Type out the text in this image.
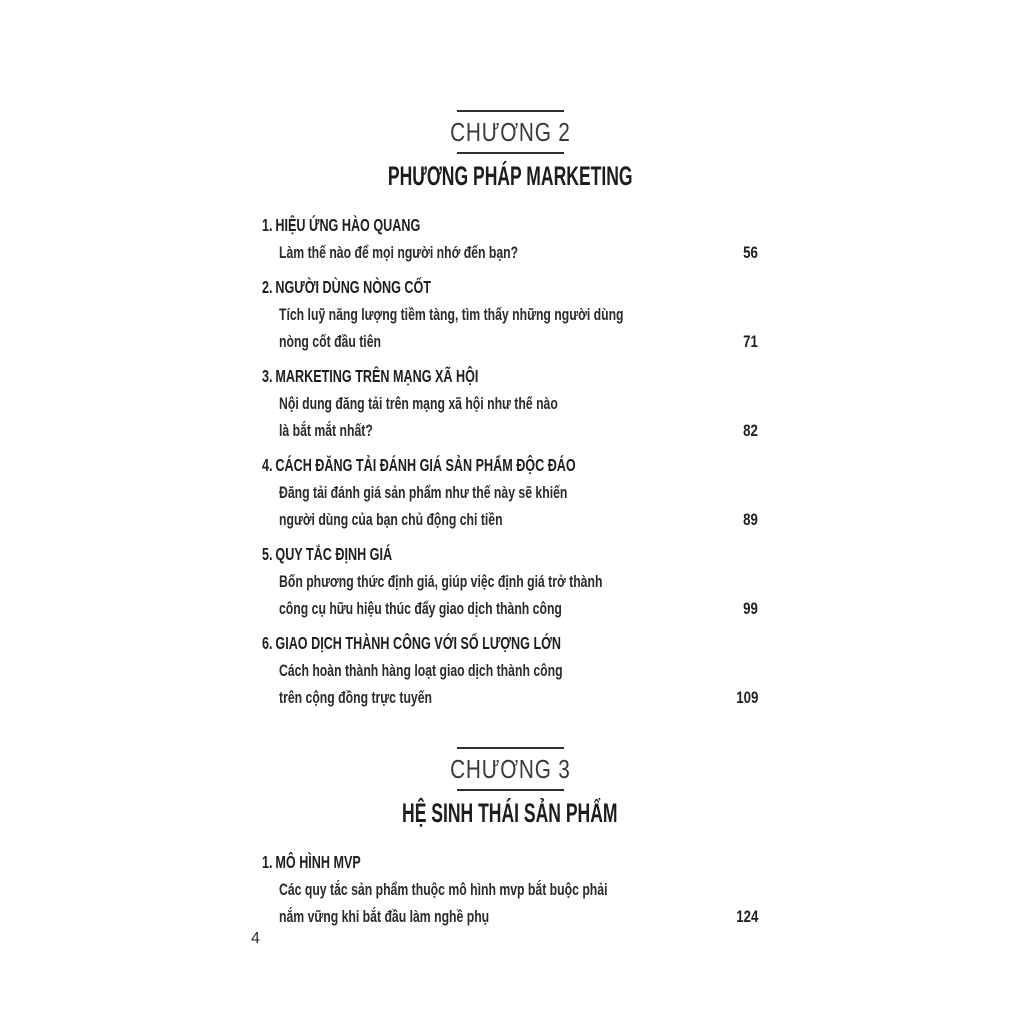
CHƯƠNG 2
PHƯƠNG PHÁP MARKETING
1. HIỆU ỨNG HÀO QUANG
Làm thế nào để mọi người nhớ đến bạn?	56
2. NGƯỜI DÙNG NÒNG CỐT
Tích luỹ năng lượng tiềm tàng, tìm thấy những người dùng
nòng cốt đầu tiên	71
3. MARKETING TRÊN MẠNG XÃ HỘI
Nội dung đăng tải trên mạng xã hội như thế nào
là bắt mắt nhất?	82
4. CÁCH ĐĂNG TẢI ĐÁNH GIÁ SẢN PHẨM ĐỘC ĐÁO
Đăng tải đánh giá sản phẩm như thế này sẽ khiến
người dùng của bạn chủ động chi tiền	89
5. QUY TẮC ĐỊNH GIÁ
Bốn phương thức định giá, giúp việc định giá trở thành
công cụ hữu hiệu thúc đẩy giao dịch thành công	99
6. GIAO DỊCH THÀNH CÔNG VỚI SỐ LƯỢNG LỚN
Cách hoàn thành hàng loạt giao dịch thành công
trên cộng đồng trực tuyến	109
CHƯƠNG 3
HỆ SINH THÁI SẢN PHẨM
1. MÔ HÌNH MVP
Các quy tắc sản phẩm thuộc mô hình mvp bắt buộc phải
nắm vững khi bắt đầu làm nghề phụ	124
4
